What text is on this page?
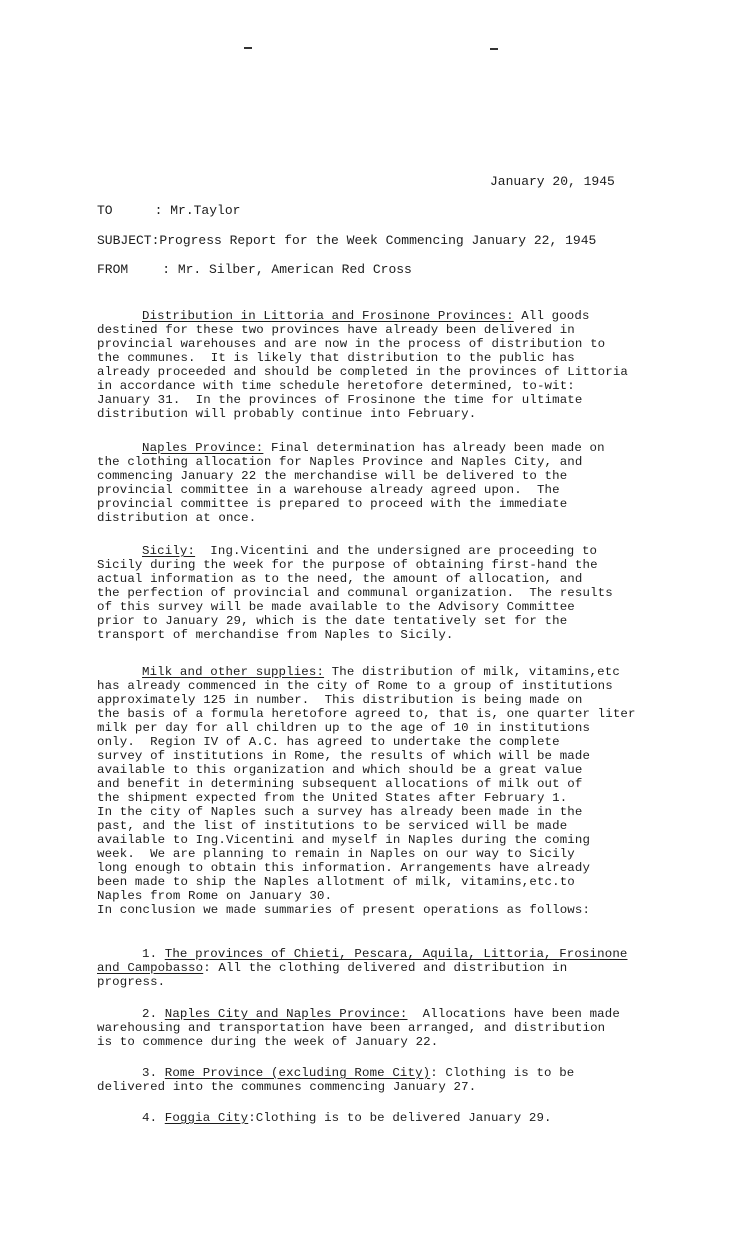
January 20, 1945
TO	: Mr.Taylor
SUBJECT:Progress Report for the Week Commencing January 22, 1945
FROM	: Mr. Silber, American Red Cross
Distribution in Littoria and Frosinone Provinces: All goods
destined for these two provinces have already been delivered in
provincial warehouses and are now in the process of distribution to
the communes.  It is likely that distribution to the public has
already proceeded and should be completed in the provinces of Littoria
in accordance with time schedule heretofore determined, to-wit:
January 31.  In the provinces of Frosinone the time for ultimate
distribution will probably continue into February.
Naples Province: Final determination has already been made on
the clothing allocation for Naples Province and Naples City, and
commencing January 22 the merchandise will be delivered to the
provincial committee in a warehouse already agreed upon.  The
provincial committee is prepared to proceed with the immediate
distribution at once.
Sicily:  Ing.Vicentini and the undersigned are proceeding to
Sicily during the week for the purpose of obtaining first-hand the
actual information as to the need, the amount of allocation, and
the perfection of provincial and communal organization.  The results
of this survey will be made available to the Advisory Committee
prior to January 29, which is the date tentatively set for the
transport of merchandise from Naples to Sicily.
Milk and other supplies: The distribution of milk, vitamins,etc
has already commenced in the city of Rome to a group of institutions
approximately 125 in number.  This distribution is being made on
the basis of a formula heretofore agreed to, that is, one quarter liter
milk per day for all children up to the age of 10 in institutions
only.  Region IV of A.C. has agreed to undertake the complete
survey of institutions in Rome, the results of which will be made
available to this organization and which should be a great value
and benefit in determining subsequent allocations of milk out of
the shipment expected from the United States after February 1.
In the city of Naples such a survey has already been made in the
past, and the list of institutions to be serviced will be made
available to Ing.Vicentini and myself in Naples during the coming
week.  We are planning to remain in Naples on our way to Sicily
long enough to obtain this information. Arrangements have already
been made to ship the Naples allotment of milk, vitamins,etc.to
Naples from Rome on January 30.
In conclusion we made summaries of present operations as follows:
1. The provinces of Chieti, Pescara, Aquila, Littoria, Frosinone
and Campobasso: All the clothing delivered and distribution in
progress.
2. Naples City and Naples Province:  Allocations have been made
warehousing and transportation have been arranged, and distribution
is to commence during the week of January 22.
3. Rome Province (excluding Rome City): Clothing is to be
delivered into the communes commencing January 27.
4. Foggia City:Clothing is to be delivered January 29.
